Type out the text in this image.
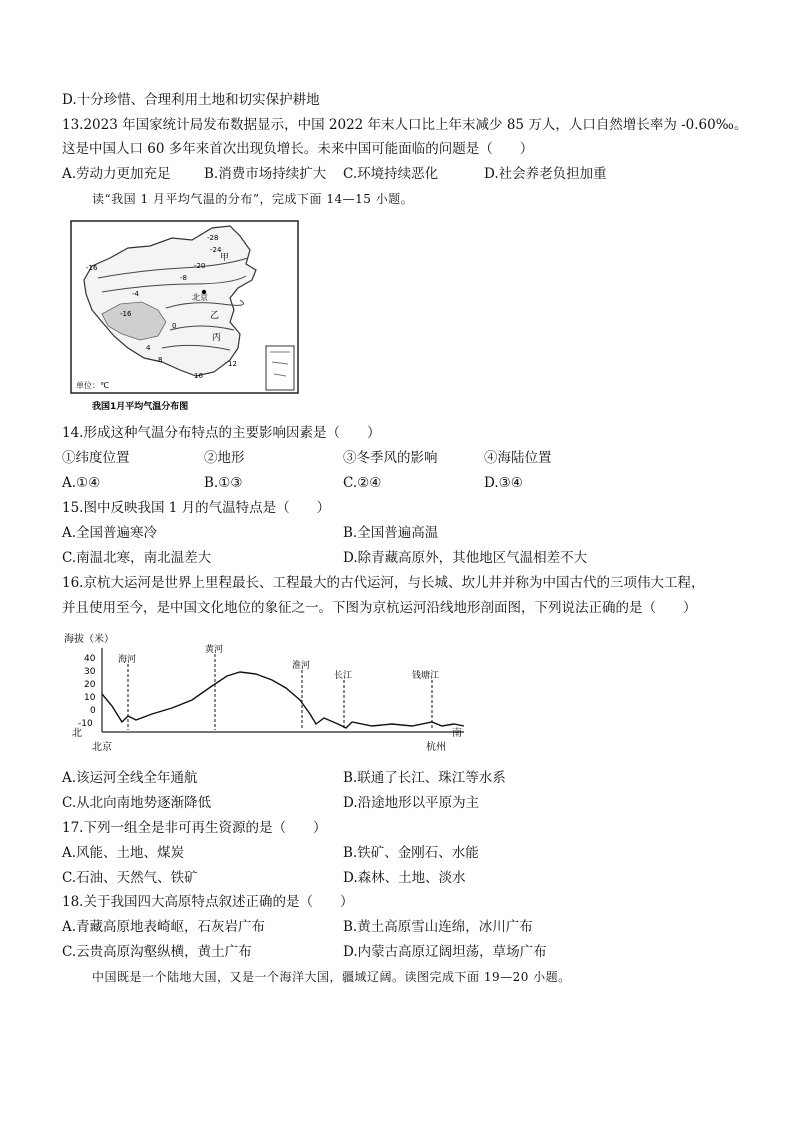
D.十分珍惜、合理利用土地和切实保护耕地
13.2023 年国家统计局发布数据显示，中国 2022 年末人口比上年末减少 85 万人，人口自然增长率为 -0.60‰。
这是中国人口 60 多年来首次出现负增长。未来中国可能面临的问题是（　　）
A.劳动力更加充足 B.消费市场持续扩大 C.环境持续恶化	D.社会养老负担加重
读“我国 1 月平均气温的分布”，完成下面 14—15 小题。
甲
乙
丙
北京
-28
-24
-20
-16
-16
-8
-4
0
4
8
16
12
单位：℃
我国1月平均气温分布图
14.形成这种气温分布特点的主要影响因素是（　　）
①纬度位置	②地形	③冬季风的影响	④海陆位置
A.①④	B.①③	C.②④	D.③④
15.图中反映我国 1 月的气温特点是（　　）
A.全国普遍寒冷	B.全国普遍高温
C.南温北寒，南北温差大	D.除青藏高原外，其他地区气温相差不大
16.京杭大运河是世界上里程最长、工程最大的古代运河，与长城、坎儿井并称为中国古代的三项伟大工程，
并且使用至今，是中国文化地位的象征之一。下图为京杭运河沿线地形剖面图，下列说法正确的是（　　）
海拔（米）
40
30
20
10
0
-10
海河
黄河
淮河
长江	钱塘江
北	南
北京	杭州
A.该运河全线全年通航	B.联通了长江、珠江等水系
C.从北向南地势逐渐降低	D.沿途地形以平原为主
17.下列一组全是非可再生资源的是（　　）
A.风能、土地、煤炭	B.铁矿、金刚石、水能
C.石油、天然气、铁矿	D.森林、土地、淡水
18.关于我国四大高原特点叙述正确的是（　　）
A.青藏高原地表崎岖，石灰岩广布	B.黄土高原雪山连绵，冰川广布
C.云贵高原沟壑纵横，黄土广布	D.内蒙古高原辽阔坦荡，草场广布
中国既是一个陆地大国，又是一个海洋大国，疆域辽阔。读图完成下面 19—20 小题。
